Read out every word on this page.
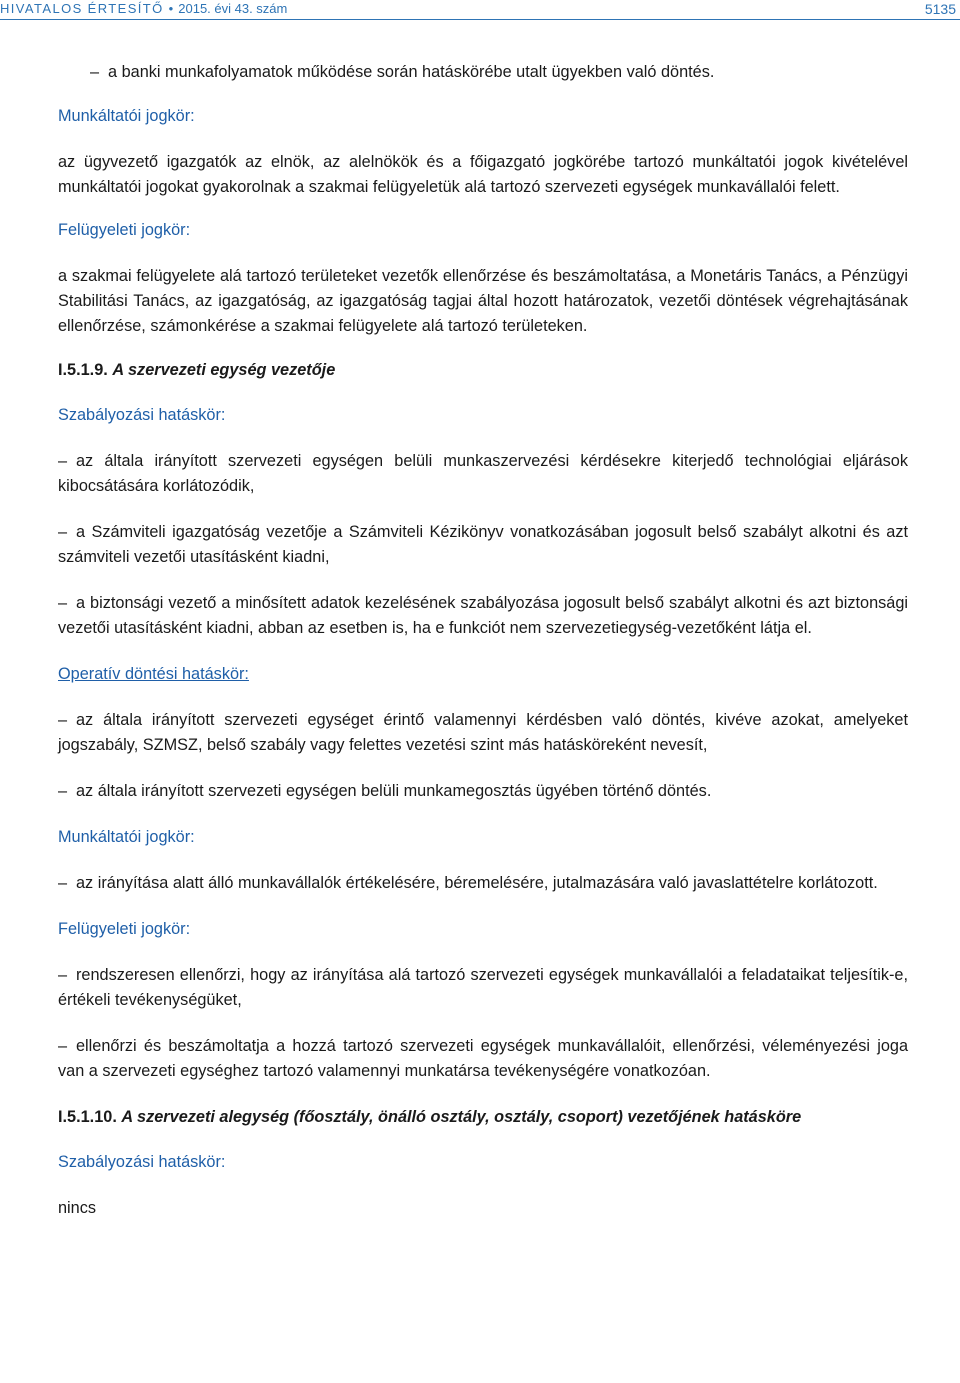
HIVATALOS ÉRTESÍTŐ • 2015. évi 43. szám	5135

– a banki munkafolyamatok működése során hatáskörébe utalt ügyekben való döntés.

Munkáltatói jogkör:

az ügyvezető igazgatók az elnök, az alelnökök és a főigazgató jogkörébe tartozó munkáltatói jogok kivételével munkáltatói jogokat gyakorolnak a szakmai felügyeletük alá tartozó szervezeti egységek munkavállalói felett.

Felügyeleti jogkör:

a szakmai felügyelete alá tartozó területeket vezetők ellenőrzése és beszámoltatása, a Monetáris Tanács, a Pénzügyi Stabilitási Tanács, az igazgatóság, az igazgatóság tagjai által hozott határozatok, vezetői döntések végrehajtásának ellenőrzése, számonkérése a szakmai felügyelete alá tartozó területeken.

I.5.1.9. A szervezeti egység vezetője

Szabályozási hatáskör:

– az általa irányított szervezeti egységen belüli munkaszervezési kérdésekre kiterjedő technológiai eljárások kibocsátására korlátozódik,

– a Számviteli igazgatóság vezetője a Számviteli Kézikönyv vonatkozásában jogosult belső szabályt alkotni és azt számviteli vezetői utasításként kiadni,

– a biztonsági vezető a minősített adatok kezelésének szabályozása jogosult belső szabályt alkotni és azt biztonsági vezetői utasításként kiadni, abban az esetben is, ha e funkciót nem szervezetiegység-vezetőként látja el.

Operatív döntési hatáskör:

– az általa irányított szervezeti egységet érintő valamennyi kérdésben való döntés, kivéve azokat, amelyeket jogszabály, SZMSZ, belső szabály vagy felettes vezetési szint más hatásköreként nevesít,

– az általa irányított szervezeti egységen belüli munkamegosztás ügyében történő döntés.

Munkáltatói jogkör:

– az irányítása alatt álló munkavállalók értékelésére, béremelésére, jutalmazására való javaslattételre korlátozott.

Felügyeleti jogkör:

– rendszeresen ellenőrzi, hogy az irányítása alá tartozó szervezeti egységek munkavállalói a feladataikat teljesítik-e, értékeli tevékenységüket,

– ellenőrzi és beszámoltatja a hozzá tartozó szervezeti egységek munkavállalóit, ellenőrzési, véleményezési joga van a szervezeti egységhez tartozó valamennyi munkatársa tevékenységére vonatkozóan.

I.5.1.10. A szervezeti alegység (főosztály, önálló osztály, osztály, csoport) vezetőjének hatásköre

Szabályozási hatáskör:

nincs
